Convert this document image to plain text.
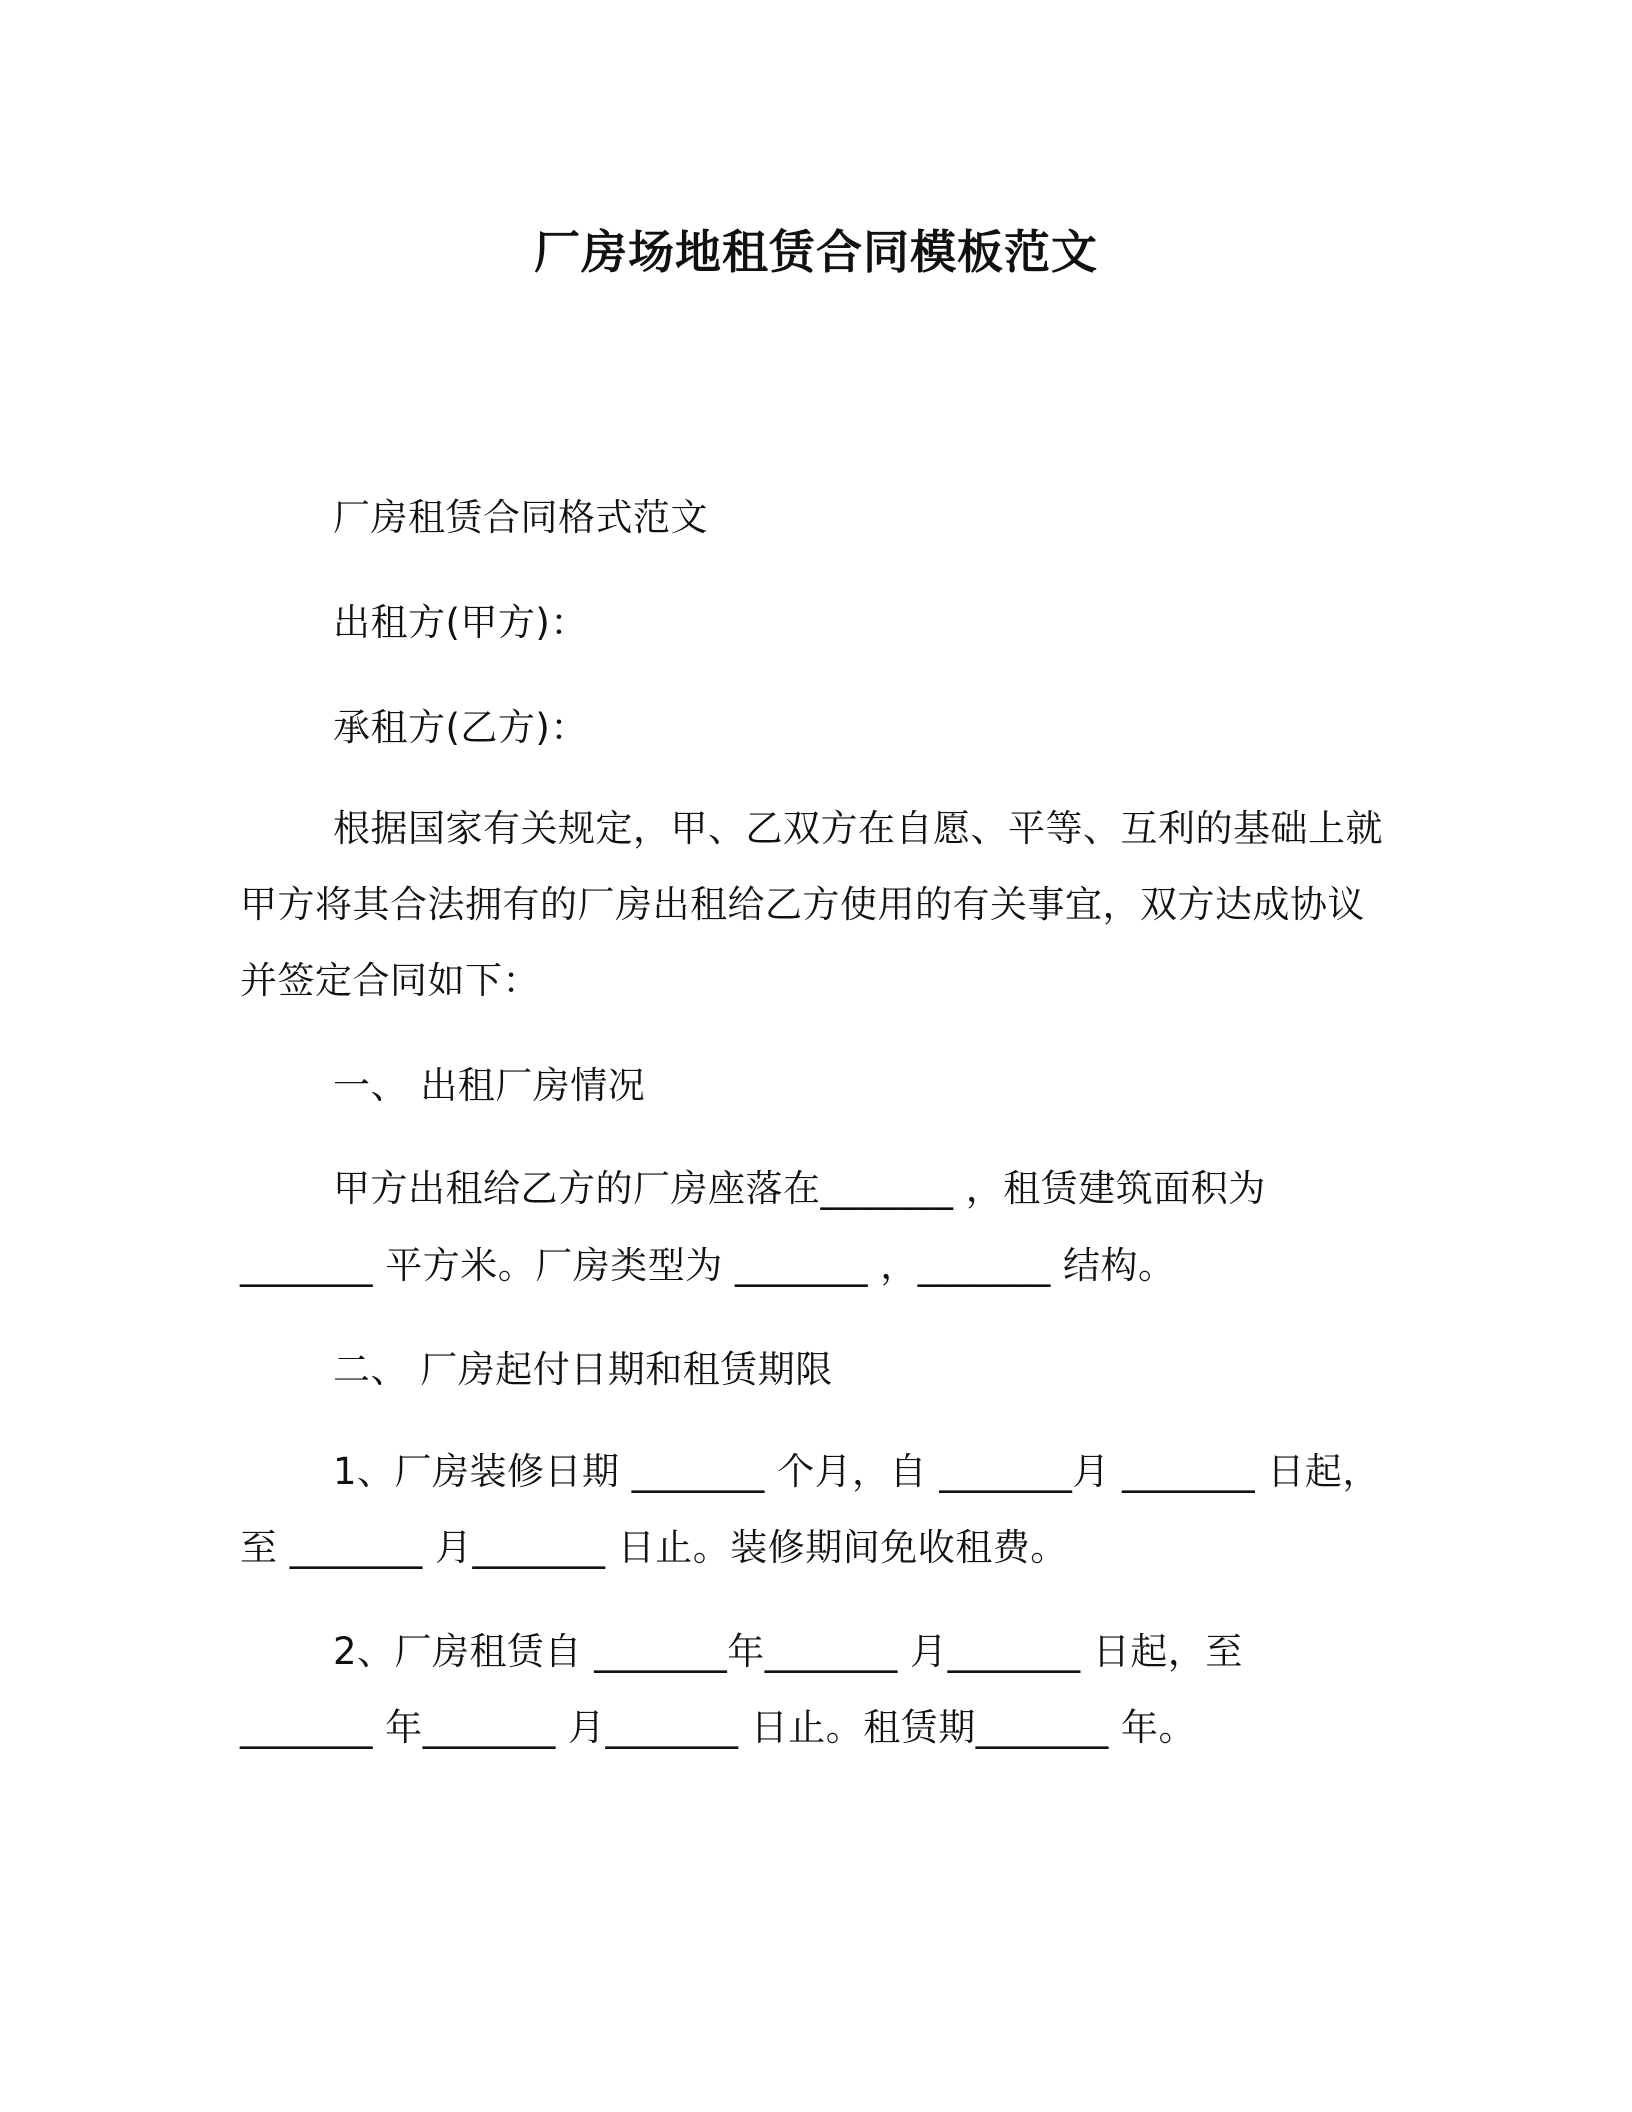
厂房场地租赁合同模板范文
厂房租赁合同格式范文
出租方(甲方)：
承租方(乙方)：
根据国家有关规定，甲、乙双方在自愿、平等、互利的基础上就
甲方将其合法拥有的厂房出租给乙方使用的有关事宜，双方达成协议
并签定合同如下：
一、 出租厂房情况
甲方出租给乙方的厂房座落在_______ ，租赁建筑面积为
_______ 平方米。厂房类型为 _______ ，_______ 结构。
二、 厂房起付日期和租赁期限
1、厂房装修日期 _______ 个月，自 _______月 _______ 日起，
至 _______ 月_______ 日止。装修期间免收租费。
2、厂房租赁自 _______年_______ 月_______ 日起，至
_______ 年_______ 月_______ 日止。租赁期_______ 年。
